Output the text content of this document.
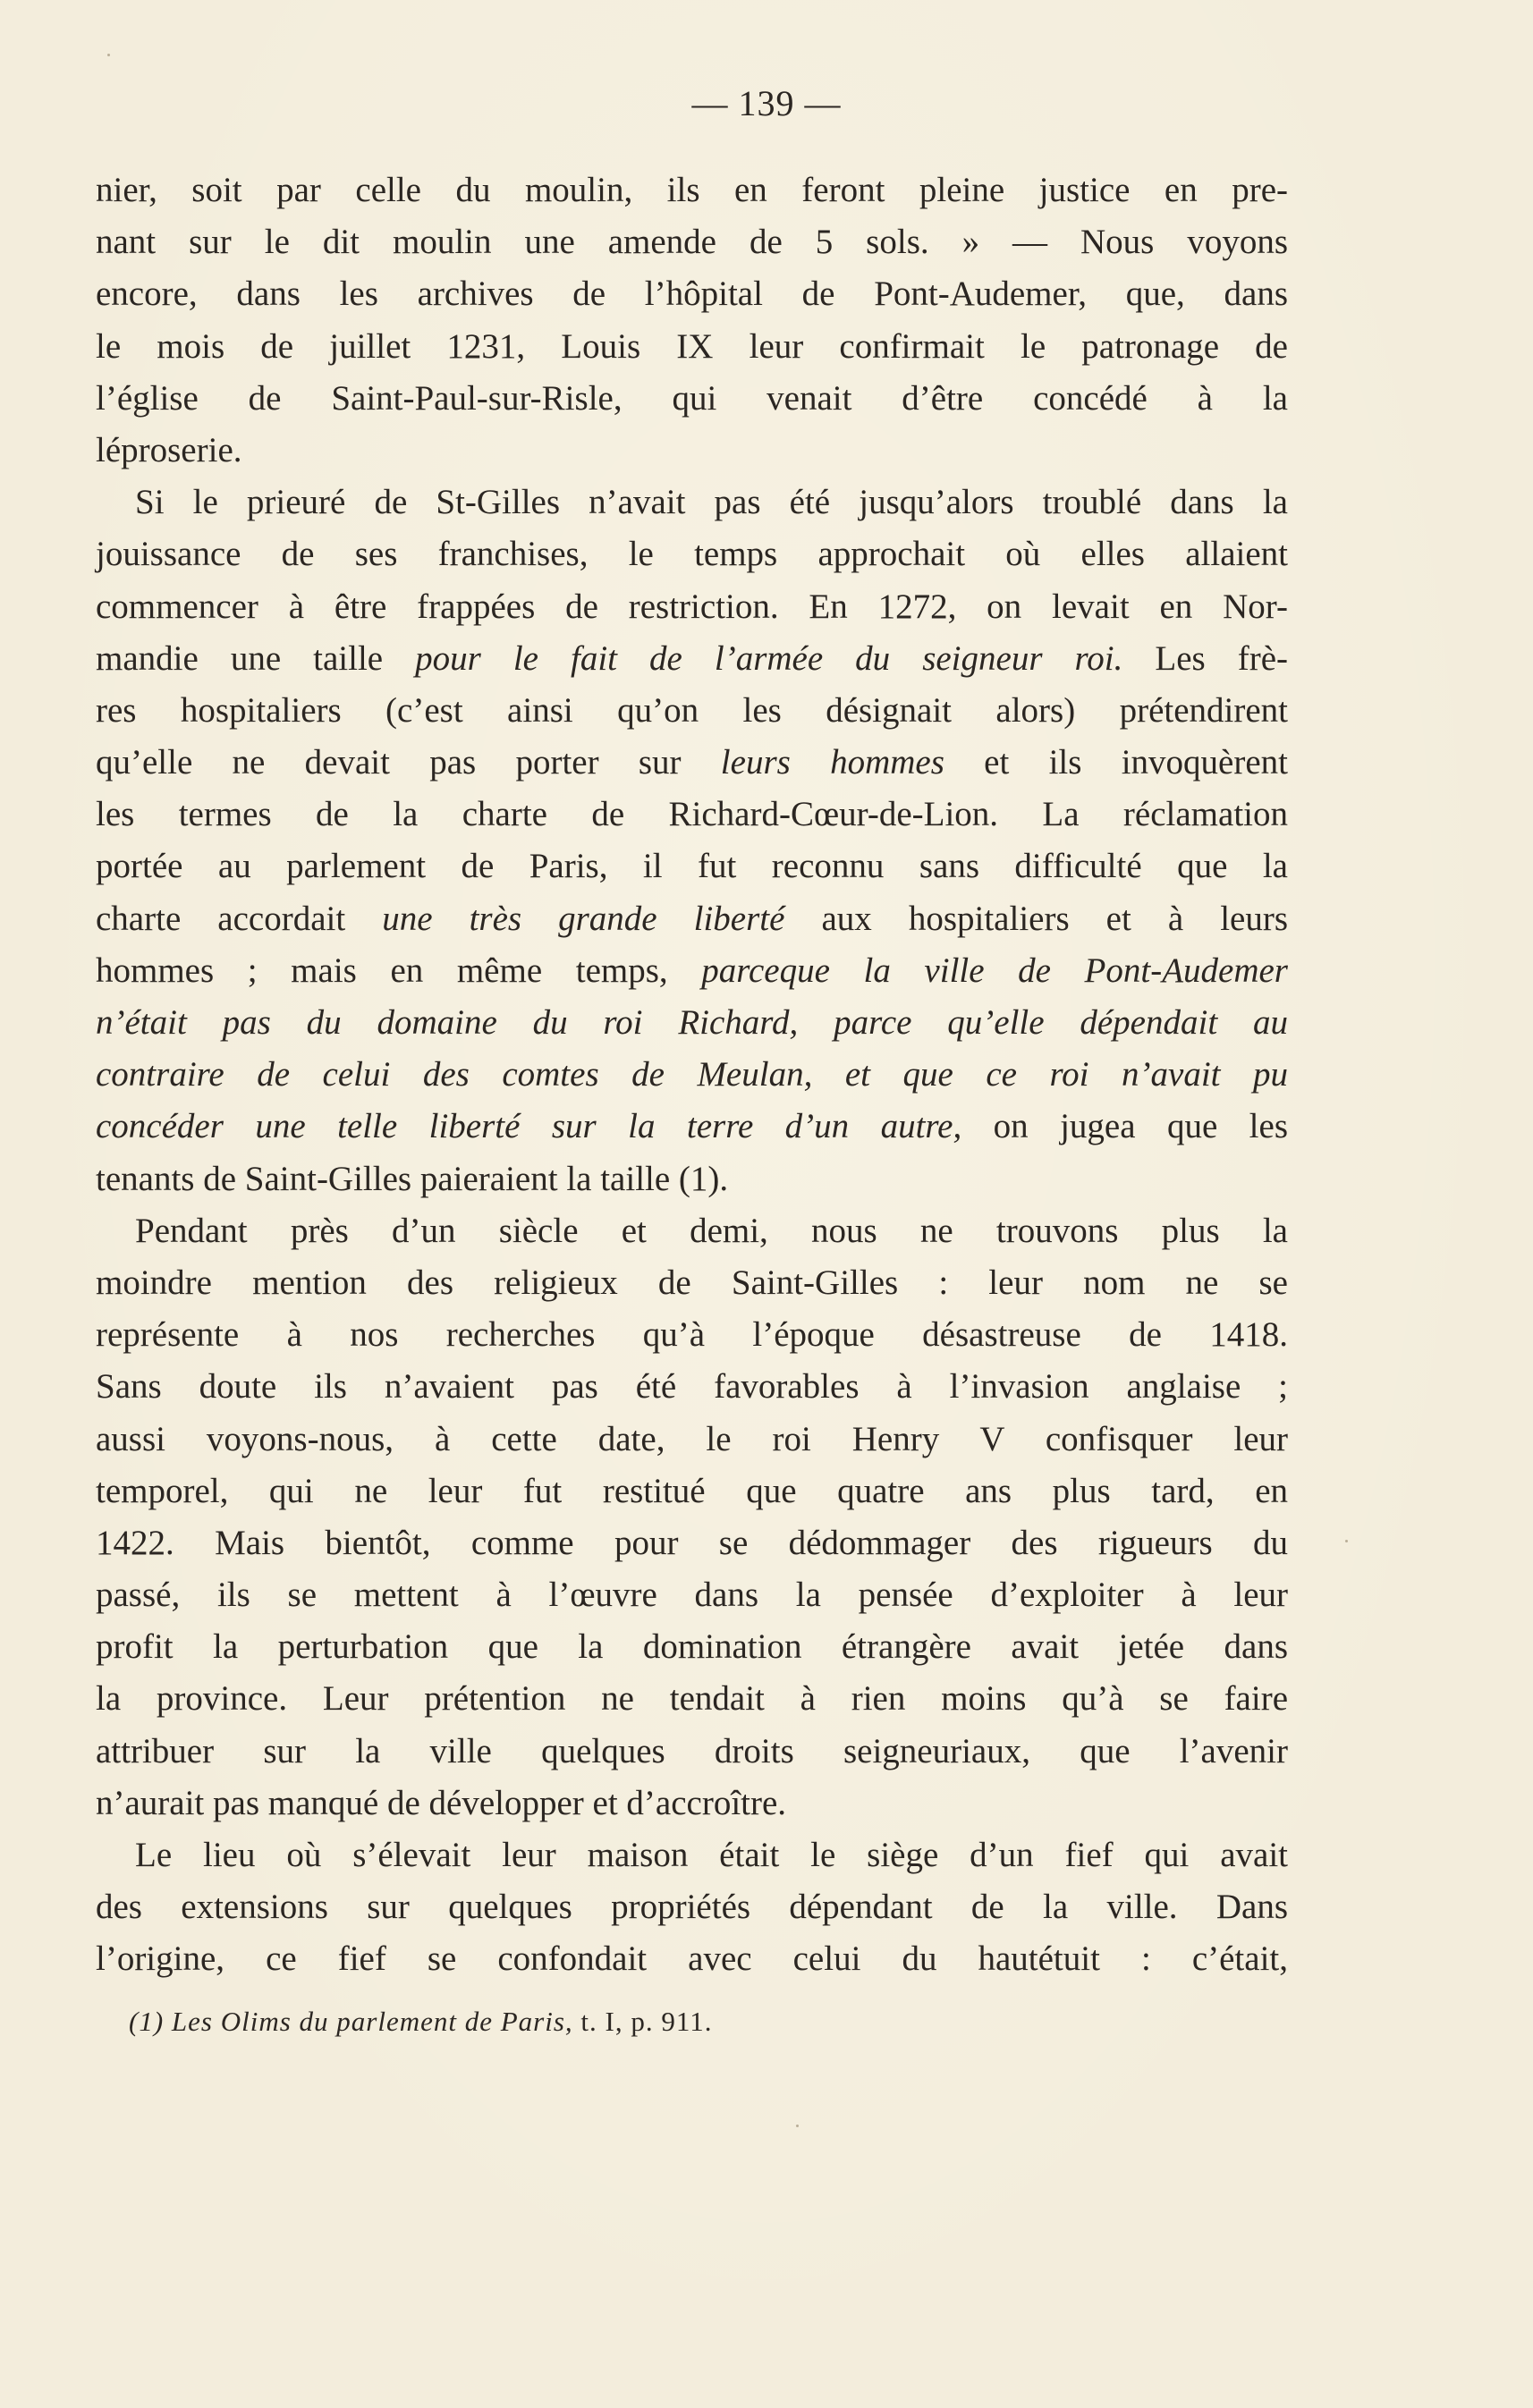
— 139 —
nier, soit par celle du moulin, ils en feront pleine justice en pre-
nant sur le dit moulin une amende de 5 sols. » — Nous voyons
encore, dans les archives de l’hôpital de Pont-Audemer, que, dans
le mois de juillet 1231, Louis IX leur confirmait le patronage de
l’église de Saint-Paul-sur-Risle, qui venait d’être concédé à la
léproserie.
Si le prieuré de St-Gilles n’avait pas été jusqu’alors troublé dans la
jouissance de ses franchises, le temps approchait où elles allaient
commencer à être frappées de restriction. En 1272, on levait en Nor-
mandie une taille pour le fait de l’armée du seigneur roi. Les frè-
res hospitaliers (c’est ainsi qu’on les désignait alors) prétendirent
qu’elle ne devait pas porter sur leurs hommes et ils invoquèrent
les termes de la charte de Richard-Cœur-de-Lion. La réclamation
portée au parlement de Paris, il fut reconnu sans difficulté que la
charte accordait une très grande liberté aux hospitaliers et à leurs
hommes ; mais en même temps, parceque la ville de Pont-Audemer
n’était pas du domaine du roi Richard, parce qu’elle dépendait au
contraire de celui des comtes de Meulan, et que ce roi n’avait pu
concéder une telle liberté sur la terre d’un autre, on jugea que les
tenants de Saint-Gilles paieraient la taille (1).
Pendant près d’un siècle et demi, nous ne trouvons plus la
moindre mention des religieux de Saint-Gilles : leur nom ne se
représente à nos recherches qu’à l’époque désastreuse de 1418.
Sans doute ils n’avaient pas été favorables à l’invasion anglaise ;
aussi voyons-nous, à cette date, le roi Henry V confisquer leur
temporel, qui ne leur fut restitué que quatre ans plus tard, en
1422. Mais bientôt, comme pour se dédommager des rigueurs du
passé, ils se mettent à l’œuvre dans la pensée d’exploiter à leur
profit la perturbation que la domination étrangère avait jetée dans
la province. Leur prétention ne tendait à rien moins qu’à se faire
attribuer sur la ville quelques droits seigneuriaux, que l’avenir
n’aurait pas manqué de développer et d’accroître.
Le lieu où s’élevait leur maison était le siège d’un fief qui avait
des extensions sur quelques propriétés dépendant de la ville. Dans
l’origine, ce fief se confondait avec celui du hautétuit : c’était,
(1) Les Olims du parlement de Paris, t. I, p. 911.
